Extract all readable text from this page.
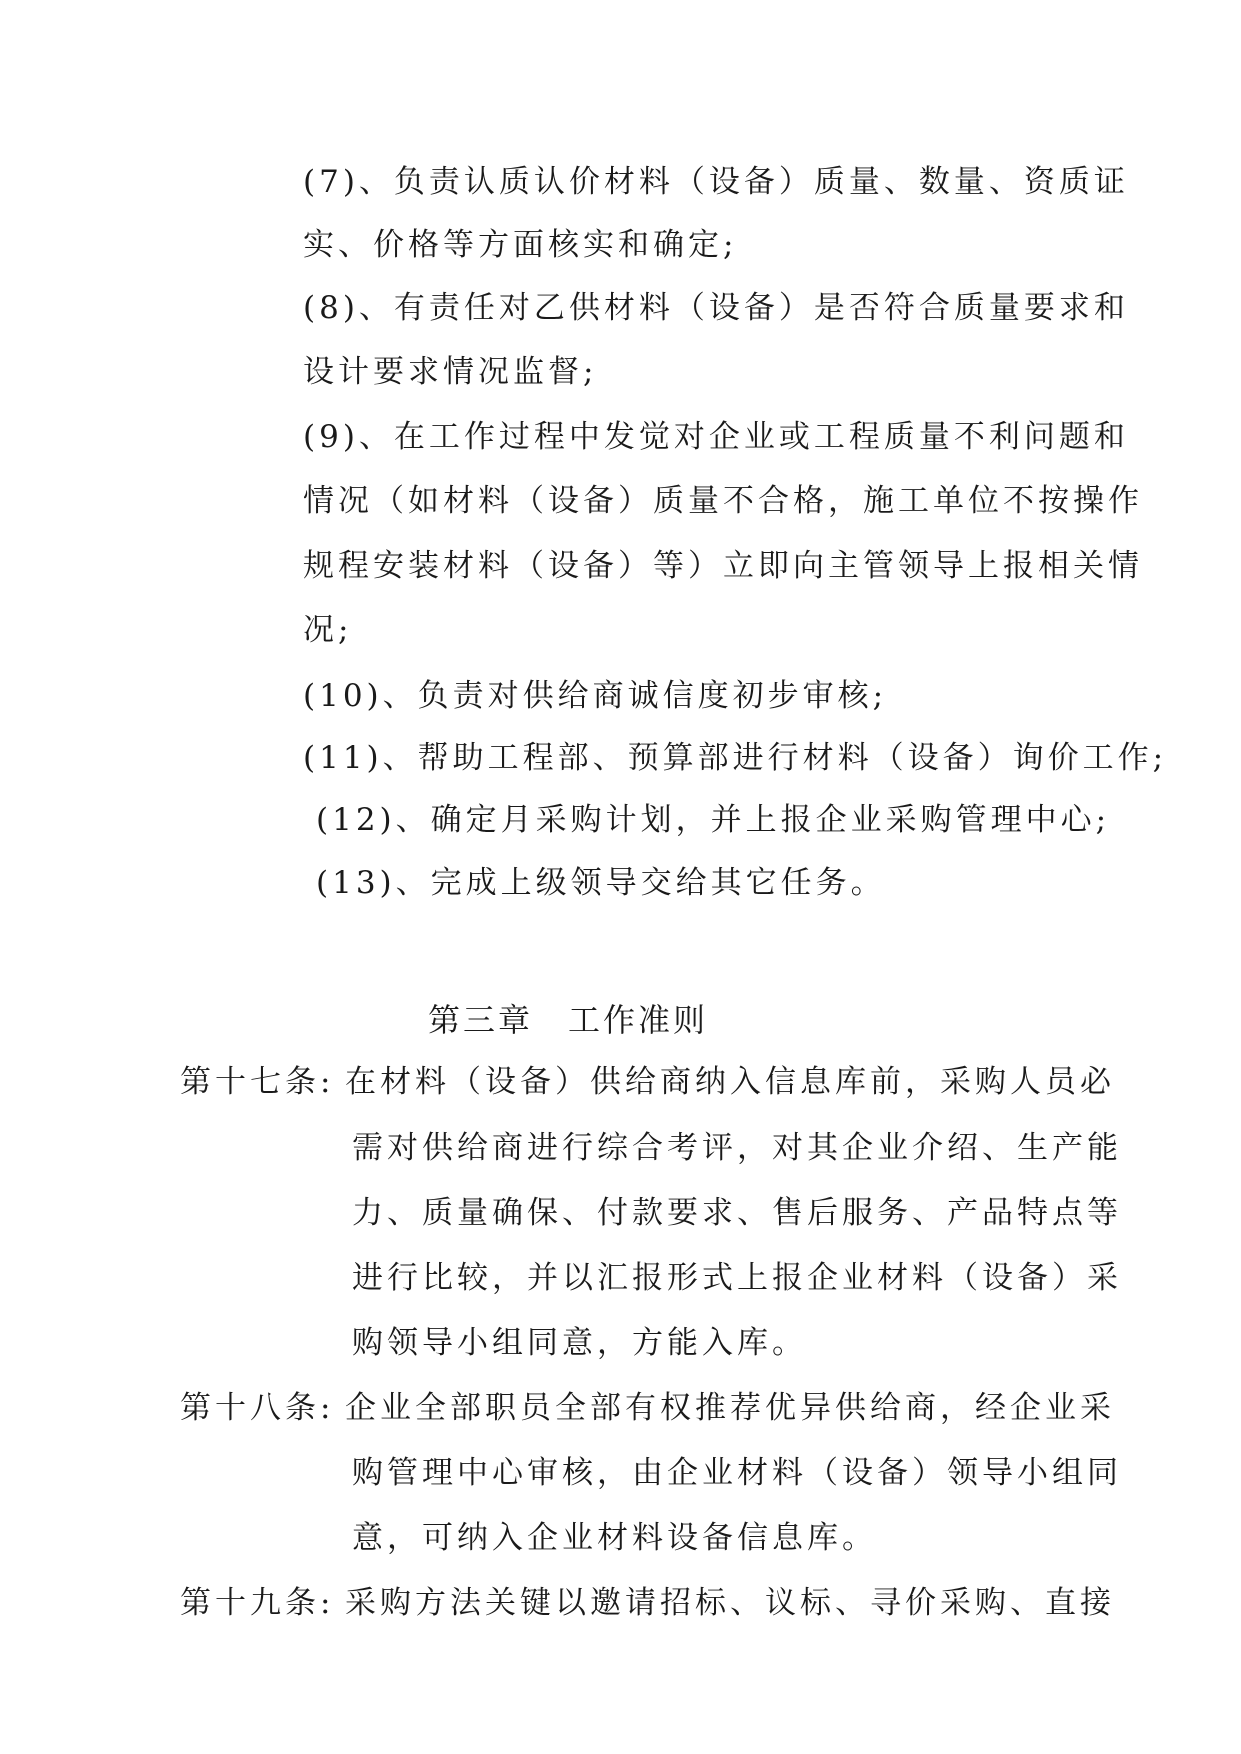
(7)、负责认质认价材料（设备）质量、数量、资质证
实、价格等方面核实和确定;
(8)、有责任对乙供材料（设备）是否符合质量要求和
设计要求情况监督;
(9)、在工作过程中发觉对企业或工程质量不利问题和
情况（如材料（设备）质量不合格，施工单位不按操作
规程安装材料（设备）等）立即向主管领导上报相关情
况;
(10)、负责对供给商诚信度初步审核;
(11)、帮助工程部、预算部进行材料（设备）询价工作;
(12)、确定月采购计划，并上报企业采购管理中心;
(13)、完成上级领导交给其它任务。
第三章　工作准则
第十七条: 在材料（设备）供给商纳入信息库前，采购人员必
需对供给商进行综合考评，对其企业介绍、生产能
力、质量确保、付款要求、售后服务、产品特点等
进行比较，并以汇报形式上报企业材料（设备）采
购领导小组同意，方能入库。
第十八条: 企业全部职员全部有权推荐优异供给商，经企业采
购管理中心审核，由企业材料（设备）领导小组同
意，可纳入企业材料设备信息库。
第十九条: 采购方法关键以邀请招标、议标、寻价采购、直接
